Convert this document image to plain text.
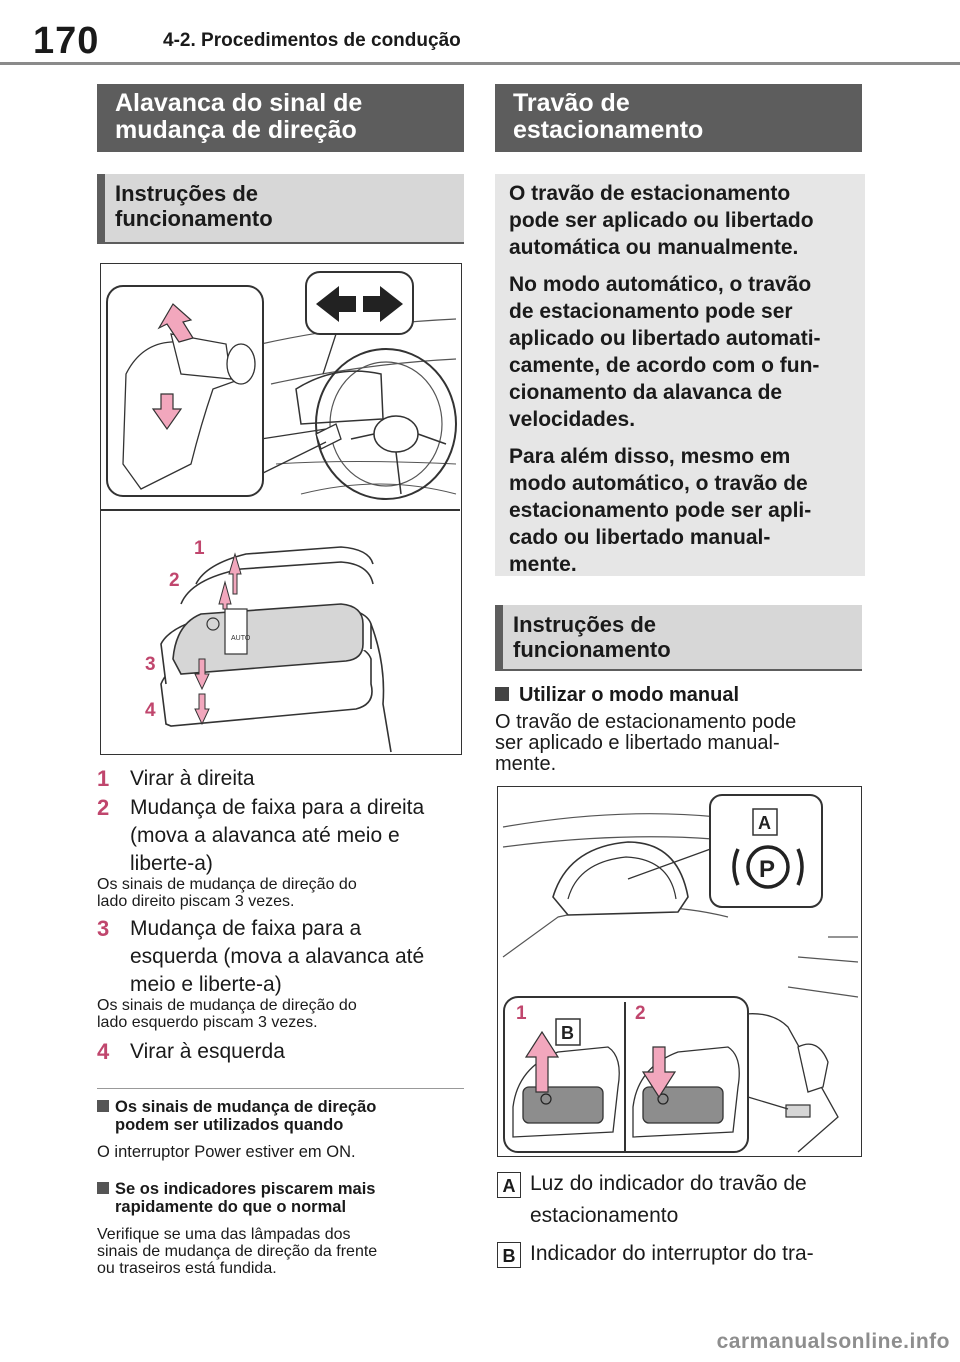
170	4-2. Procedimentos de condução
Alavanca do sinal de
mudança de direção
Instruções de
funcionamento
AUTO
1
2
3
4
1 Virar à direita
2 Mudança de faixa para a direita
(mova a alavanca até meio e
liberte-a)
Os sinais de mudança de direção do
lado direito piscam 3 vezes.
3 Mudança de faixa para a
esquerda (mova a alavanca até
meio e liberte-a)
Os sinais de mudança de direção do
lado esquerdo piscam 3 vezes.
4 Virar à esquerda
Os sinais de mudança de direção
podem ser utilizados quando
O interruptor Power estiver em ON.
Se os indicadores piscarem mais
rapidamente do que o normal
Verifique se uma das lâmpadas dos
sinais de mudança de direção da frente
ou traseiros está fundida.
Travão de
estacionamento
O travão de estacionamento
pode ser aplicado ou libertado
automática ou manualmente.
No modo automático, o travão
de estacionamento pode ser
aplicado ou libertado automati-
camente, de acordo com o fun-
cionamento da alavanca de
velocidades.
Para além disso, mesmo em
modo automático, o travão de
estacionamento pode ser apli-
cado ou libertado manual-
mente.
Instruções de
funcionamento
Utilizar o modo manual
O travão de estacionamento pode
ser aplicado e libertado manual-
mente.
A
P
1	2
B
A Luz do indicador do travão de
estacionamento
B Indicador do interruptor do tra-
carmanualsonline.info
